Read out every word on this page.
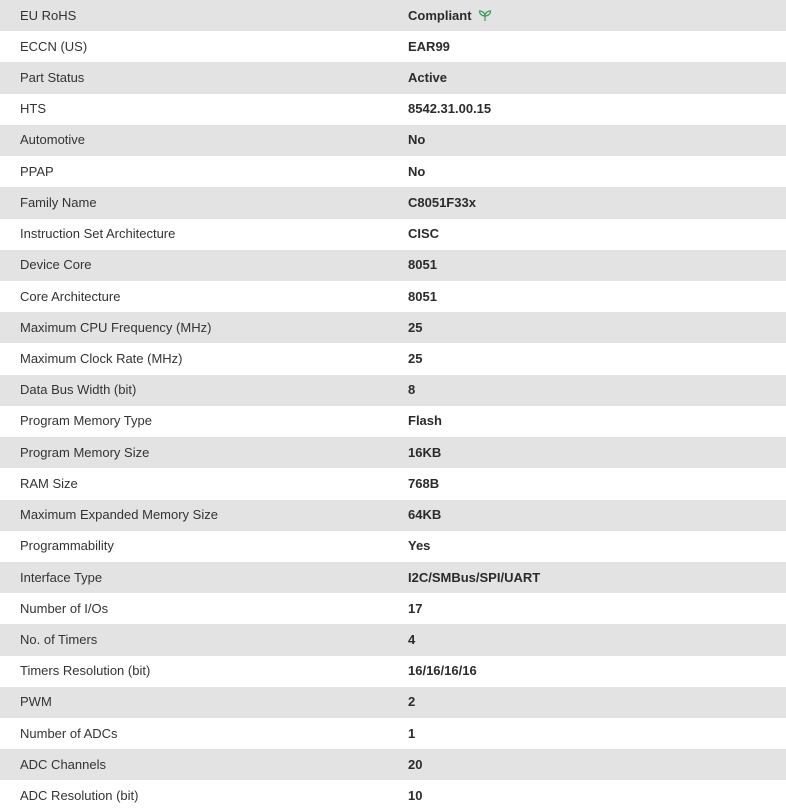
EU RoHS	Compliant
ECCN (US)	EAR99
Part Status	Active
HTS	8542.31.00.15
Automotive	No
PPAP	No
Family Name	C8051F33x
Instruction Set Architecture	CISC
Device Core	8051
Core Architecture	8051
Maximum CPU Frequency (MHz)	25
Maximum Clock Rate (MHz)	25
Data Bus Width (bit)	8
Program Memory Type	Flash
Program Memory Size	16KB
RAM Size	768B
Maximum Expanded Memory Size	64KB
Programmability	Yes
Interface Type	I2C/SMBus/SPI/UART
Number of I/Os	17
No. of Timers	4
Timers Resolution (bit)	16/16/16/16
PWM	2
Number of ADCs	1
ADC Channels	20
ADC Resolution (bit)	10
